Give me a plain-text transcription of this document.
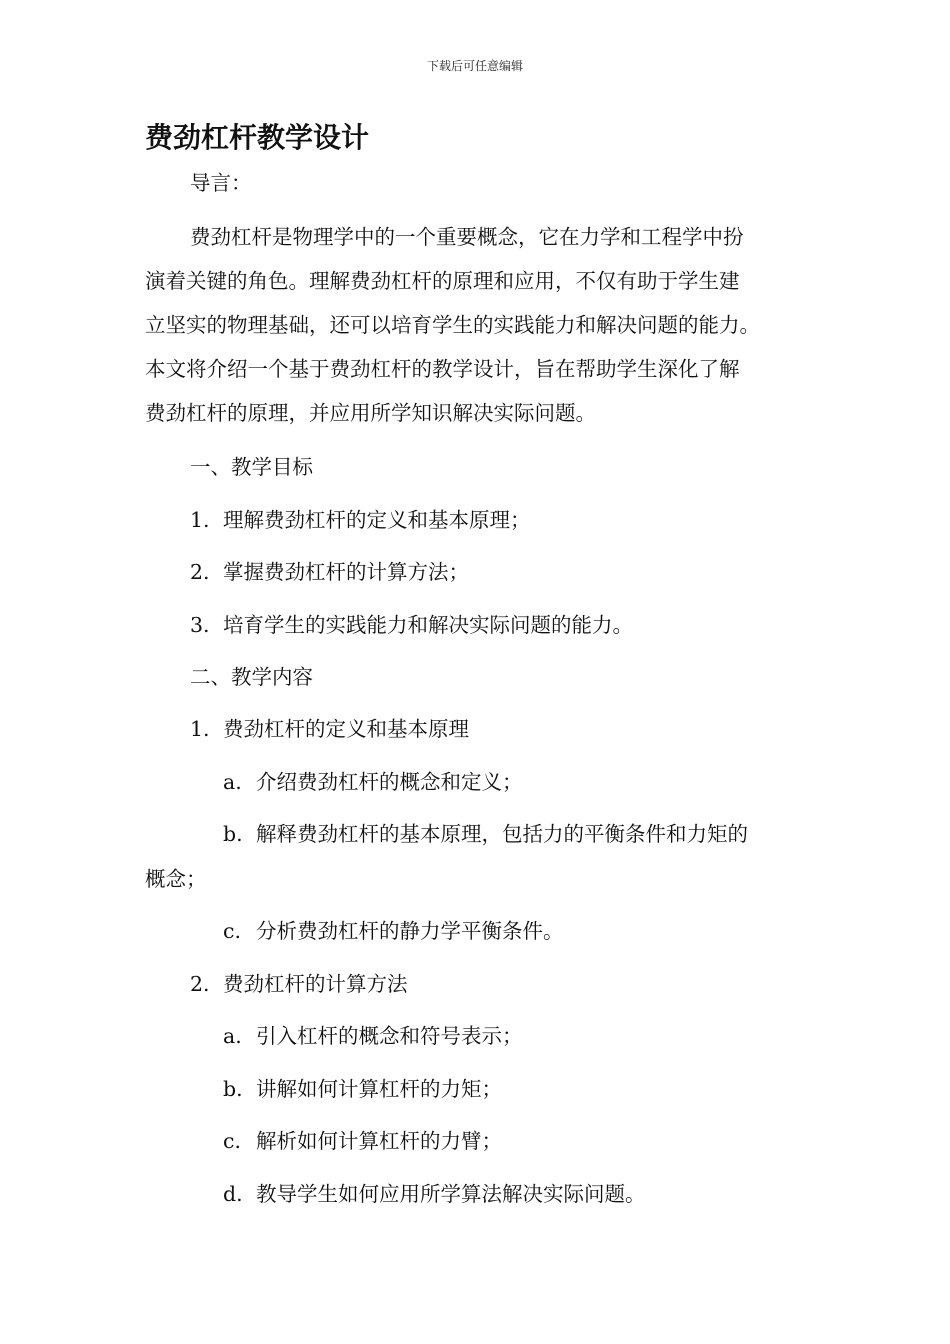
下载后可任意编辑
费劲杠杆教学设计

导言：

费劲杠杆是物理学中的一个重要概念，它在力学和工程学中扮

演着关键的角色。理解费劲杠杆的原理和应用，不仅有助于学生建

立坚实的物理基础，还可以培育学生的实践能力和解决问题的能力。

本文将介绍一个基于费劲杠杆的教学设计，旨在帮助学生深化了解

费劲杠杆的原理，并应用所学知识解决实际问题。

一、教学目标

1. 理解费劲杠杆的定义和基本原理；

2. 掌握费劲杠杆的计算方法；

3. 培育学生的实践能力和解决实际问题的能力。

二、教学内容

1. 费劲杠杆的定义和基本原理

a. 介绍费劲杠杆的概念和定义；

b. 解释费劲杠杆的基本原理，包括力的平衡条件和力矩的

概念；

c. 分析费劲杠杆的静力学平衡条件。

2. 费劲杠杆的计算方法

a. 引入杠杆的概念和符号表示；

b. 讲解如何计算杠杆的力矩；

c. 解析如何计算杠杆的力臂；

d. 教导学生如何应用所学算法解决实际问题。
